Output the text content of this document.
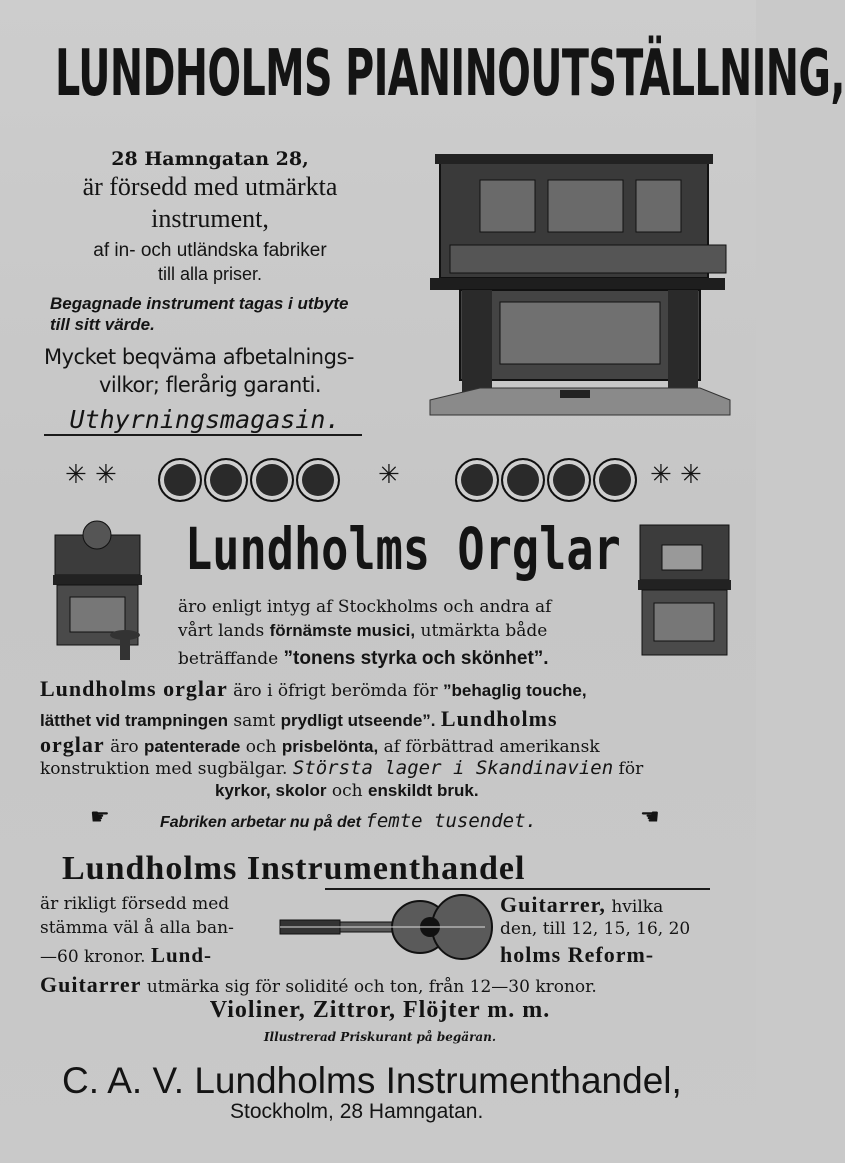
LUNDHOLMS PIANINOUTSTÄLLNING,
28 Hamngatan 28,
är försedd med utmärkta
instrument,
af in- och utländska fabriker
till alla priser.
Begagnade instrument tagas i utbyte
till sitt värde.
Mycket beqväma afbetalnings-
vilkor; flerårig garanti.
Uthyrningsmagasin.
✳ ✳	✳	✳ ✳
Lundholms Orglar
äro enligt intyg af Stockholms och andra af
vårt lands förnämste musici, utmärkta både
beträffande ”tonens styrka och skönhet”.
Lundholms orglar äro i öfrigt berömda för ”behaglig touche,
lätthet vid trampningen samt prydligt utseende”. Lundholms
orglar äro patenterade och prisbelönta, af förbättrad amerikansk
konstruktion med sugbälgar. Största lager i Skandinavien för
kyrkor, skolor och enskildt bruk.
☛	Fabriken arbetar nu på det femte tusendet.	☛
Lundholms Instrumenthandel
är rikligt försedd med
stämma väl å alla ban-
—60 kronor. Lund-
Guitarrer, hvilka
den, till 12, 15, 16, 20
holms Reform-
Guitarrer utmärka sig för solidité och ton, från 12—30 kronor.
Violiner, Zittror, Flöjter m. m.
Illustrerad Priskurant på begäran.
C. A. V. Lundholms Instrumenthandel,
Stockholm, 28 Hamngatan.
